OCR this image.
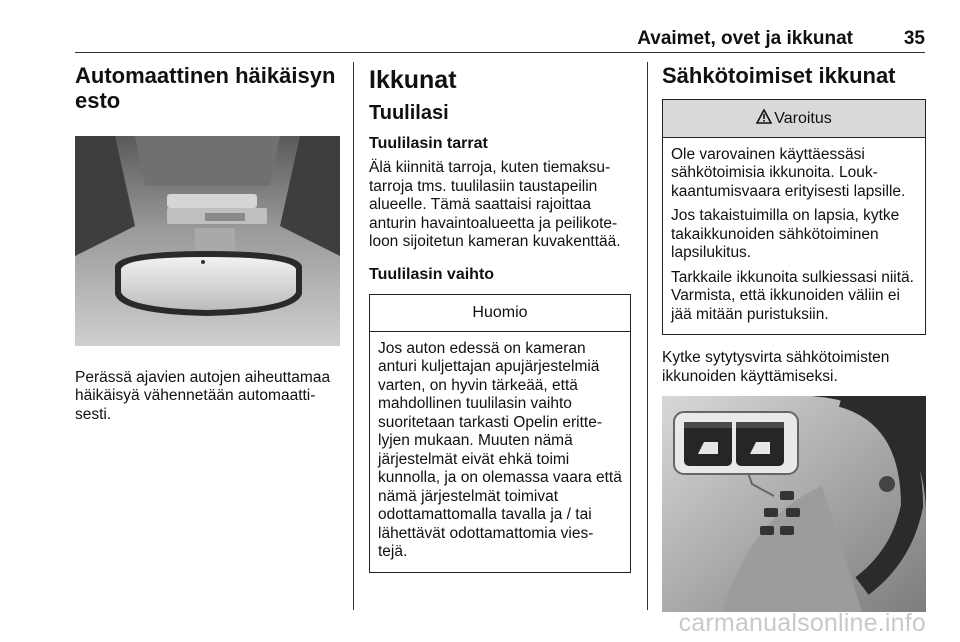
Avaimet, ovet ja ikkunat	35
Automaattinen häikäisyn esto

Perässä ajavien autojen aiheuttamaa häikäisyä vähennetään automaatti-sesti.

Ikkunat
Tuulilasi
Tuulilasin tarrat

Älä kiinnitä tarroja, kuten tiemaksu-tarroja tms. tuulilasiin taustapeilin alueelle. Tämä saattaisi rajoittaa anturin havaintoalueetta ja peilikote-loon sijoitetun kameran kuvakenttää.

Tuulilasin vaihto
Huomio

Jos auton edessä on kameran anturi kuljettajan apujärjestelmiä varten, on hyvin tärkeää, että mahdollinen tuulilasin vaihto suoritetaan tarkasti Opelin eritte-lyjen mukaan. Muuten nämä järjestelmät eivät ehkä toimi kunnolla, ja on olemassa vaara että nämä järjestelmät toimivat odottamattomalla tavalla ja / tai lähettävät odottamattomia vies-tejä.

Sähkötoimiset ikkunat
Varoitus

Ole varovainen käyttäessäsi sähkötoimisia ikkunoita. Louk-kaantumisvaara erityisesti lapsille.

Jos takaistuimilla on lapsia, kytke takaikkunoiden sähkötoiminen lapsilukitus.

Tarkkaile ikkunoita sulkiessasi niitä. Varmista, että ikkunoiden väliin ei jää mitään puristuksiin.

Kytke sytytysvirta sähkötoimisten ikkunoiden käyttämiseksi.

carmanualsonline.info
